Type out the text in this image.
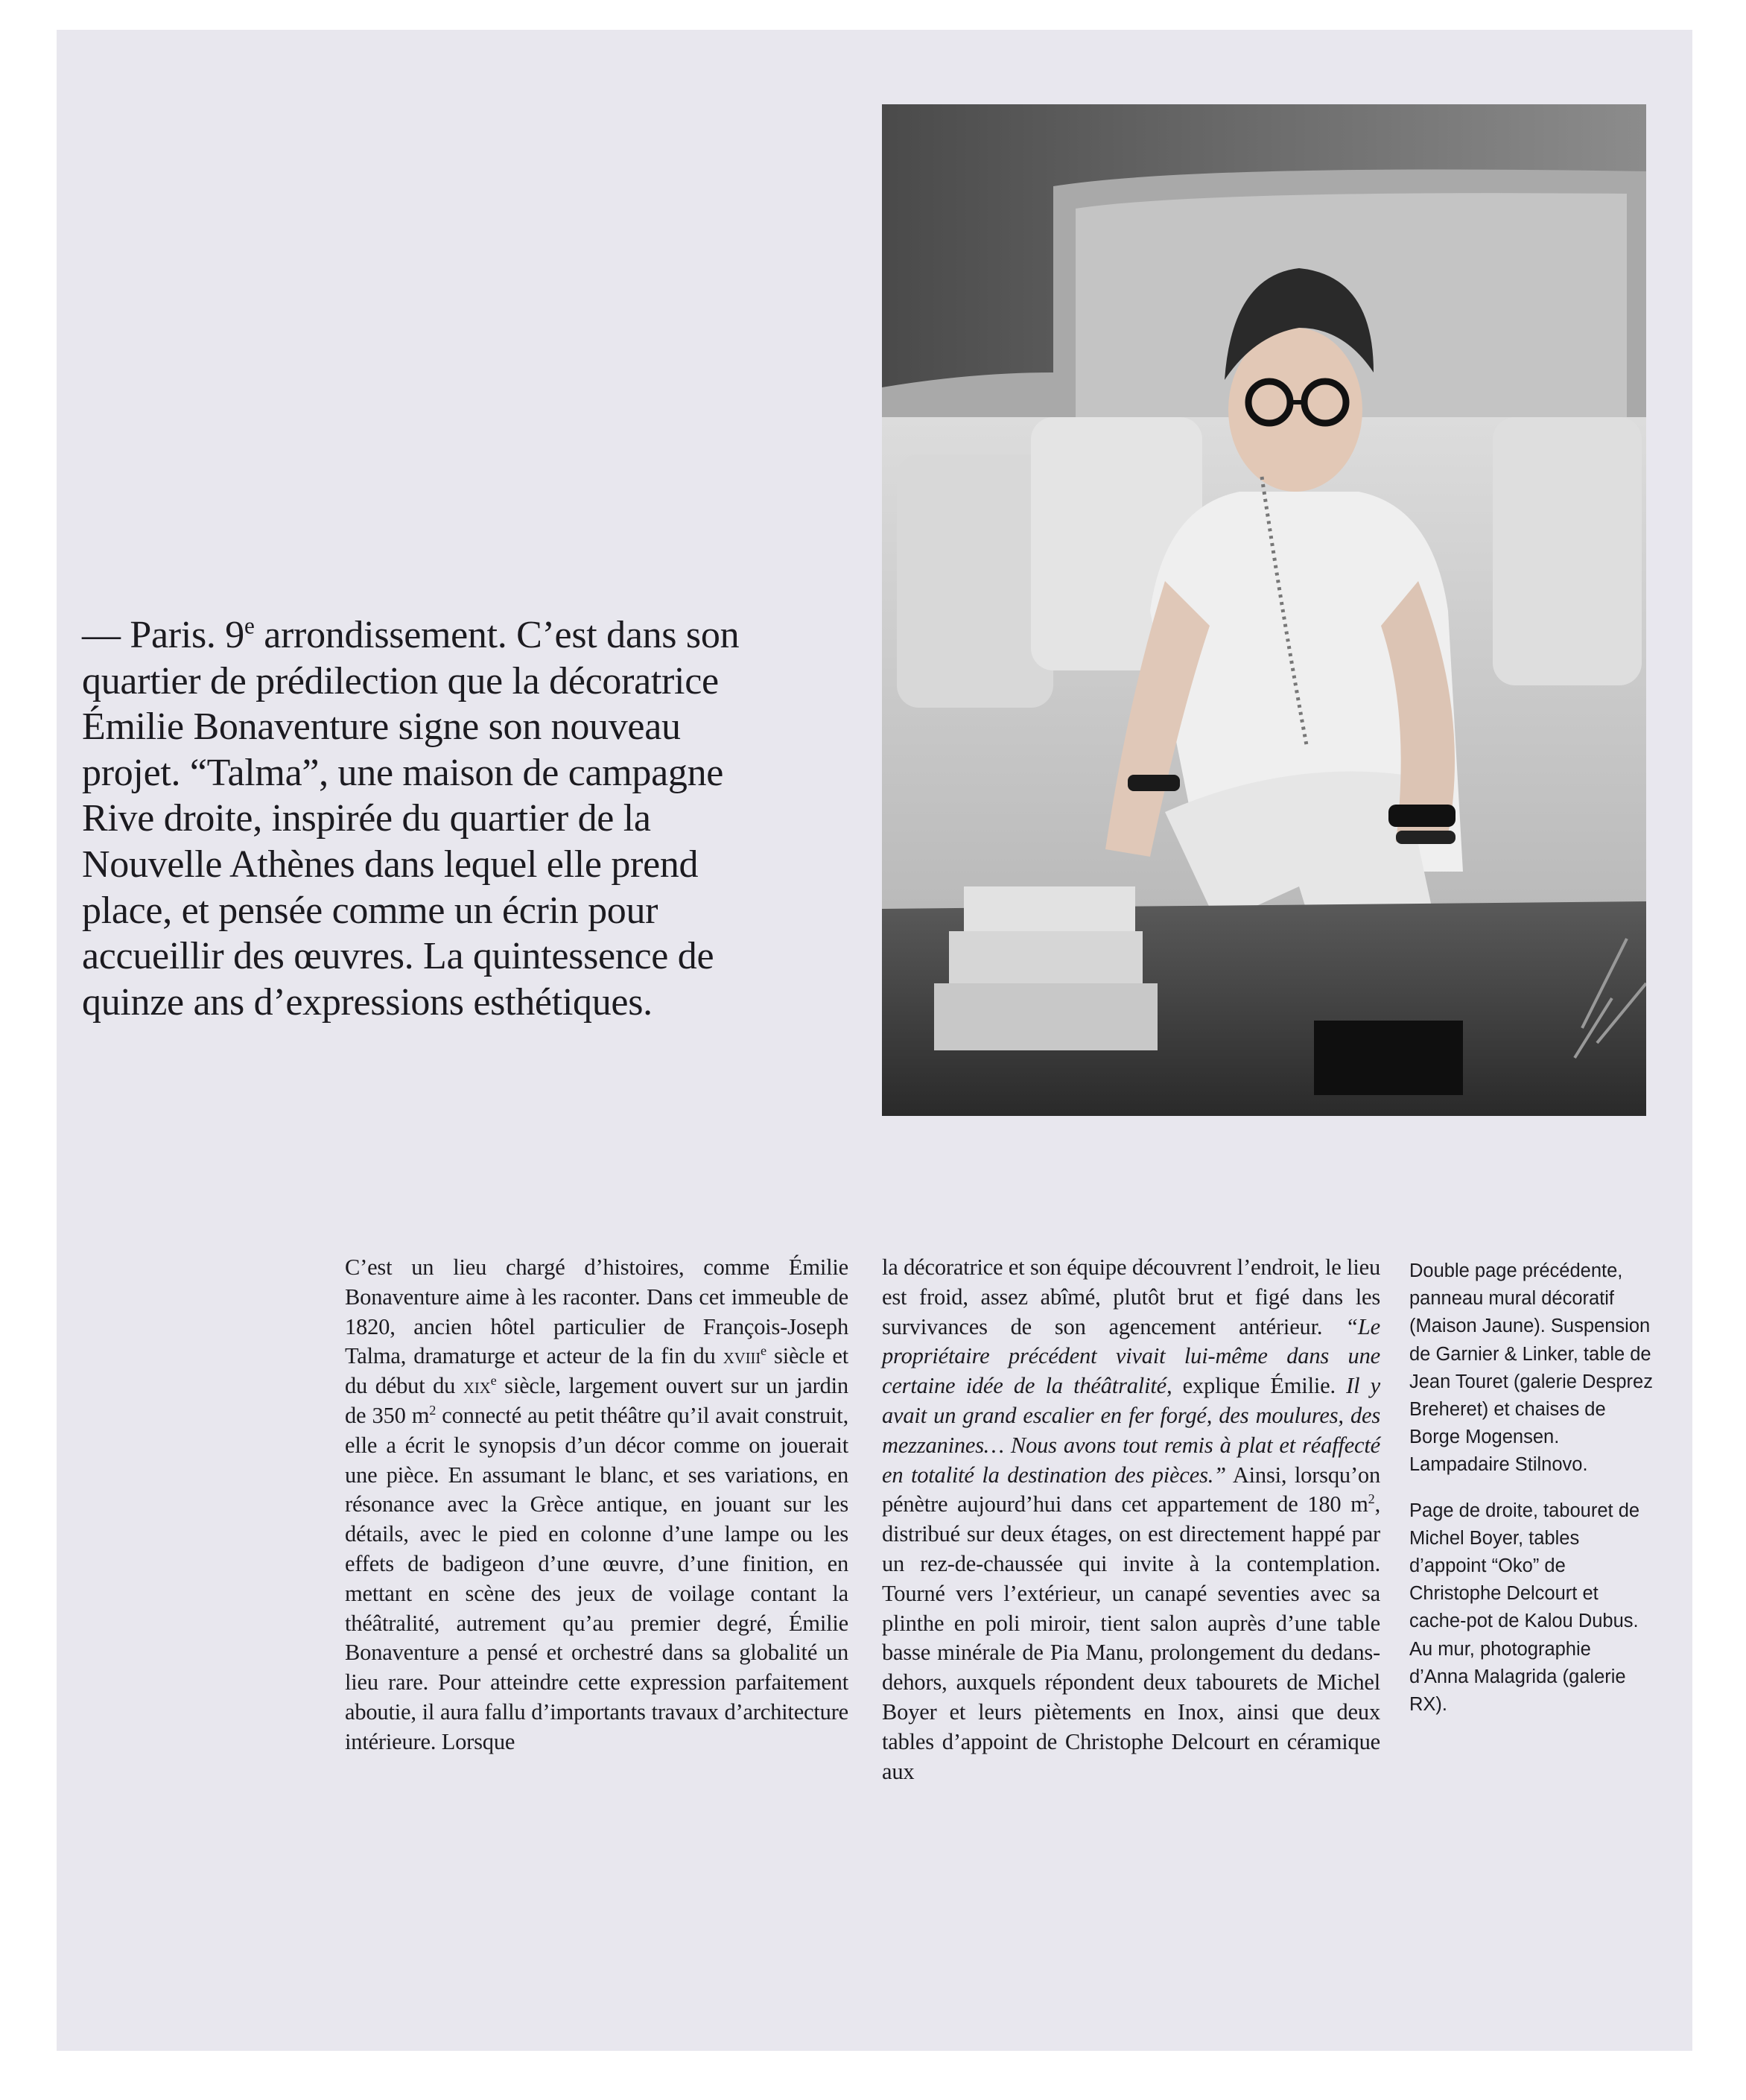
— Paris. 9e arrondissement. C’est dans son quartier de prédilection que la décoratrice Émilie Bonaventure signe son nouveau projet. “Talma”, une maison de campagne Rive droite, inspirée du quartier de la Nouvelle Athènes dans lequel elle prend place, et pensée comme un écrin pour accueillir des œuvres. La quintessence de quinze ans d’expressions esthétiques.

C’est un lieu chargé d’histoires, comme Émilie Bonaventure aime à les raconter. Dans cet immeuble de 1820, ancien hôtel particulier de François-Joseph Talma, dramaturge et acteur de la fin du xviii$^e$ siècle et du début du xix$^e$ siècle, largement ouvert sur un jardin de 350 $m^2$ connecté au petit théâtre qu’il avait construit, elle a écrit le synopsis d’un décor comme on jouerait une pièce. En assumant le blanc, et ses variations, en résonance avec la Grèce antique, en jouant sur les détails, avec le pied en colonne d’une lampe ou les effets de badigeon d’une œuvre, d’une finition, en mettant en scène des jeux de voilage contant la théâtralité, autrement qu’au premier degré, Émilie Bonaventure a pensé et orchestré dans sa globalité un lieu rare. Pour atteindre cette expression parfaitement aboutie, il aura fallu d’importants travaux d’architecture intérieure. Lorsque

la décoratrice et son équipe découvrent l’endroit, le lieu est froid, assez abîmé, plutôt brut et figé dans les survivances de son agencement antérieur. “Le propriétaire précédent vivait lui-même dans une certaine idée de la théâtralité, explique Émilie. Il y avait un grand escalier en fer forgé, des moulures, des mezzanines… Nous avons tout remis à plat et réaffecté en totalité la destination des pièces.” Ainsi, lorsqu’on pénètre aujourd’hui dans cet appartement de 180 $m^2$, distribué sur deux étages, on est directement happé par un rez-de-chaussée qui invite à la contemplation. Tourné vers l’extérieur, un canapé seventies avec sa plinthe en poli miroir, tient salon auprès d’une table basse minérale de Pia Manu, prolongement du dedans-dehors, auxquels répondent deux tabourets de Michel Boyer et leurs piètements en Inox, ainsi que deux tables d’appoint de Christophe Delcourt en céramique aux

Double page précédente, panneau mural décoratif (Maison Jaune). Suspension de Garnier & Linker, table de Jean Touret (galerie Desprez Breheret) et chaises de Borge Mogensen. Lampadaire Stilnovo.

Page de droite, tabouret de Michel Boyer, tables d’appoint “Oko” de Christophe Delcourt et cache-pot de Kalou Dubus. Au mur, photographie d’Anna Malagrida (galerie RX).
